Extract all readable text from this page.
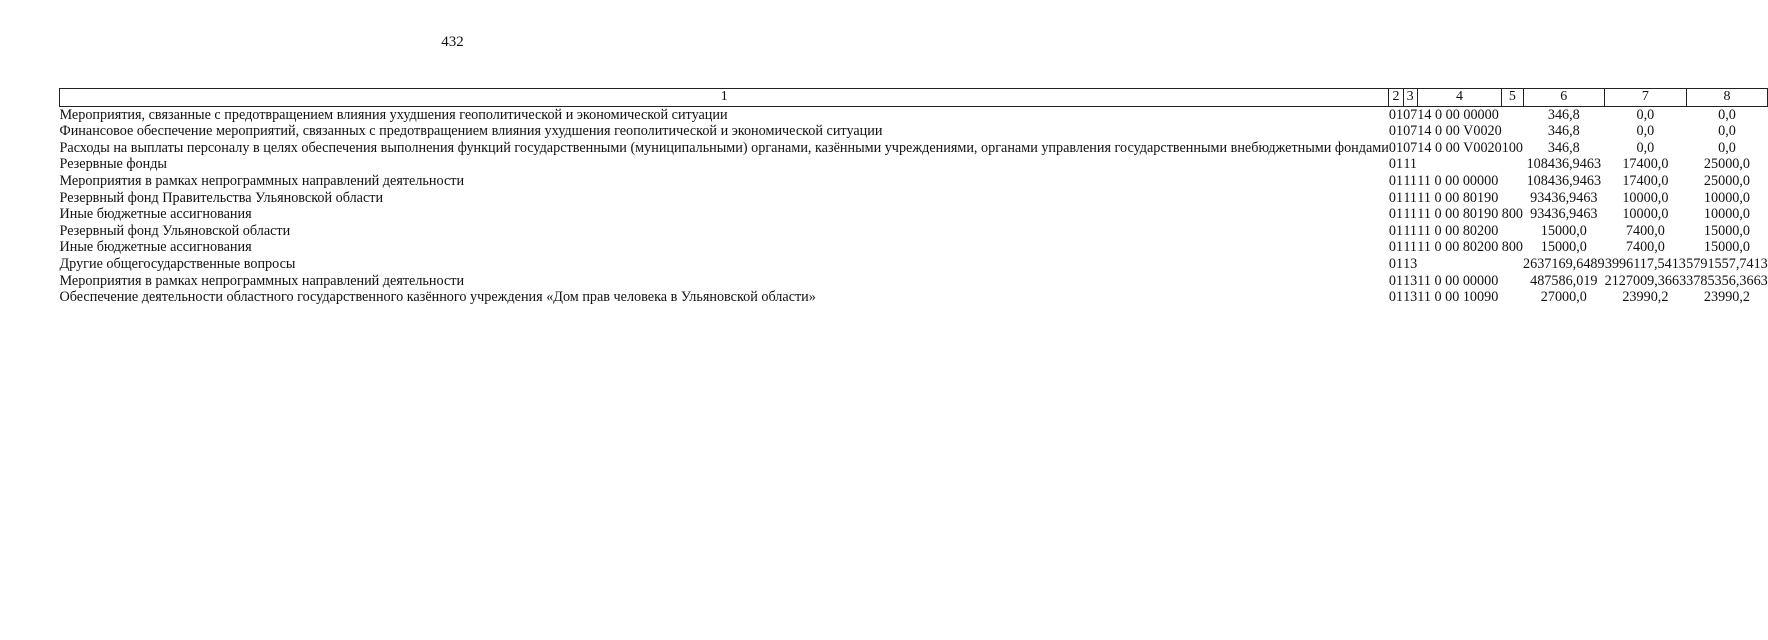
432
1	2	3	4	5	6	7	8
Мероприятия, связанные с предотвращением влияния ухудшения геополитической и экономической ситуации	01	07	14 0 00 00000		346,8	0,0	0,0
Финансовое обеспечение мероприятий, связанных с предотвращением влияния ухудшения геополитической и экономической ситуации	01	07	14 0 00 V0020		346,8	0,0	0,0
Расходы на выплаты персоналу в целях обеспечения выполнения функций государственными (муниципальными) органами, казёнными учреждениями, органами управления государственными внебюджетными фондами	01	07	14 0 00 V0020	100	346,8	0,0	0,0
Резервные фонды	01	11			108436,9463	17400,0	25000,0
Мероприятия в рамках непрограммных направлений деятельности	01	11	11 0 00 00000		108436,9463	17400,0	25000,0
Резервный фонд Правительства Ульяновской области	01	11	11 0 00 80190		93436,9463	10000,0	10000,0
Иные бюджетные ассигнования	01	11	11 0 00 80190	800	93436,9463	10000,0	10000,0
Резервный фонд Ульяновской области	01	11	11 0 00 80200		15000,0	7400,0	15000,0
Иные бюджетные ассигнования	01	11	11 0 00 80200	800	15000,0	7400,0	15000,0
Другие общегосударственные вопросы	01	13			2637169,6489	3996117,5413	5791557,7413
Мероприятия в рамках непрограммных направлений деятельности	01	13	11 0 00 00000		487586,019	2127009,3663	3785356,3663
Обеспечение деятельности областного государственного казённого учреждения «Дом прав человека в Ульяновской области»	01	13	11 0 00 10090		27000,0	23990,2	23990,2
